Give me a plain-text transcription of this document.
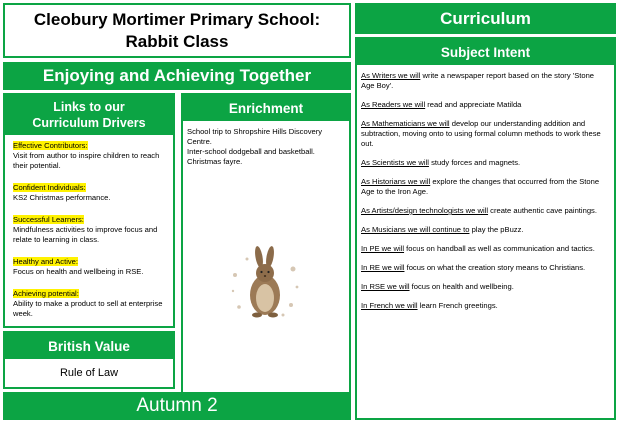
Cleobury Mortimer Primary School:
Rabbit Class
Enjoying and Achieving Together
Links to our
Curriculum Drivers
Effective Contributors:
Visit from author to inspire children to reach their potential.
Confident Individuals:
KS2 Christmas performance.
Successful Learners:
Mindfulness activities to improve focus and relate to learning in class.
Healthy and Active:
Focus on health and wellbeing in RSE.
Achieving potential:
Ability to make a product to sell at enterprise week.
Enrichment
School trip to Shropshire Hills Discovery Centre.
Inter-school dodgeball and basketball.
Christmas fayre.
British Value
Rule of Law
Autumn 2
Curriculum
Subject Intent
As Writers we will write a newspaper report based on the story 'Stone Age Boy'.
As Readers we will read and appreciate Matilda
As Mathematicians we will develop our understanding addition and subtraction, moving onto to using formal column methods to work these out.
As Scientists we will study forces and magnets.
As Historians we will explore the changes that occurred from the Stone Age to the Iron Age.
As Artists/design technologists we will create authentic cave paintings.
As Musicians we will continue to play the pBuzz.
In PE we will focus on handball as well as communication and tactics.
In RE we will focus on what the creation story means to Christians.
In RSE we will focus on health and wellbeing.
In French we will learn French greetings.
